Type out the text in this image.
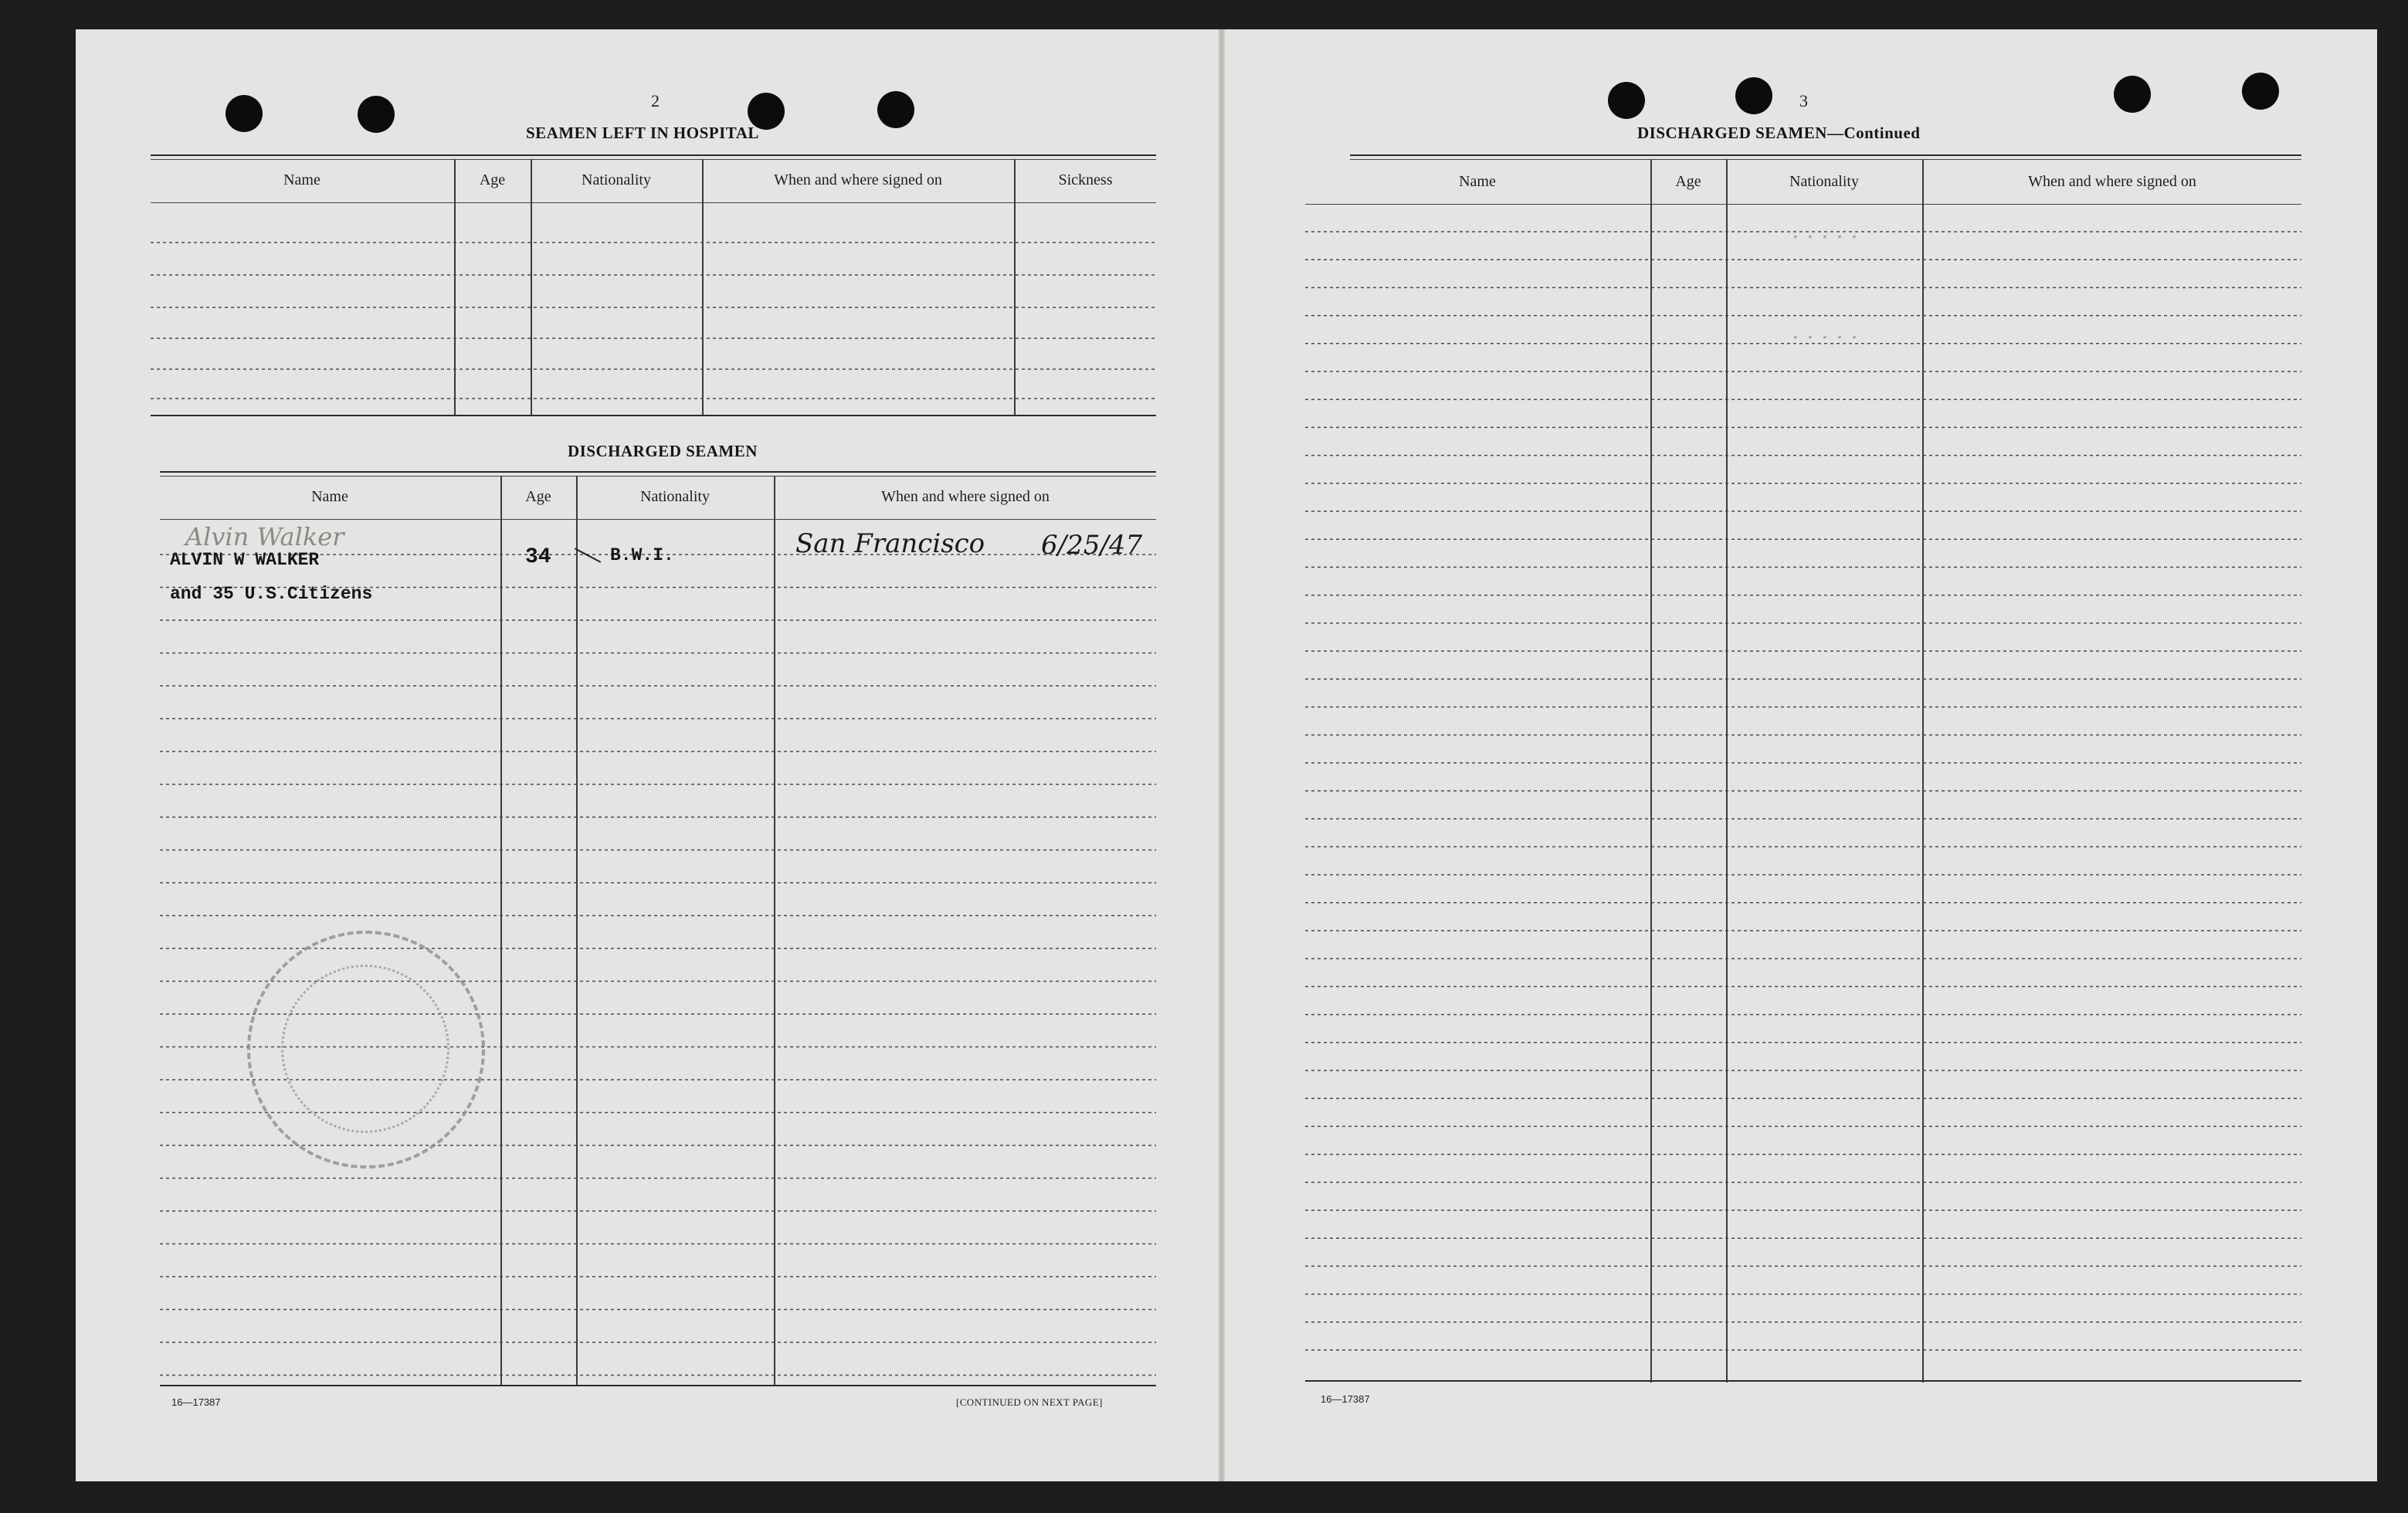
· · · · ·
· · · · ·
2
SEAMEN LEFT IN HOSPITAL
Name	Age	Nationality	When and where signed on	Sickness
DISCHARGED SEAMEN
Name	Age	Nationality	When and where signed on
Alvin Walker
ALVIN W WALKER
and 35 U.S.Citizens
34	B.W.I.	San Francisco 6/25/47
16—17387	[CONTINUED ON NEXT PAGE]
3
DISCHARGED SEAMEN—Continued
Name	Age	Nationality	When and where signed on
16—17387
